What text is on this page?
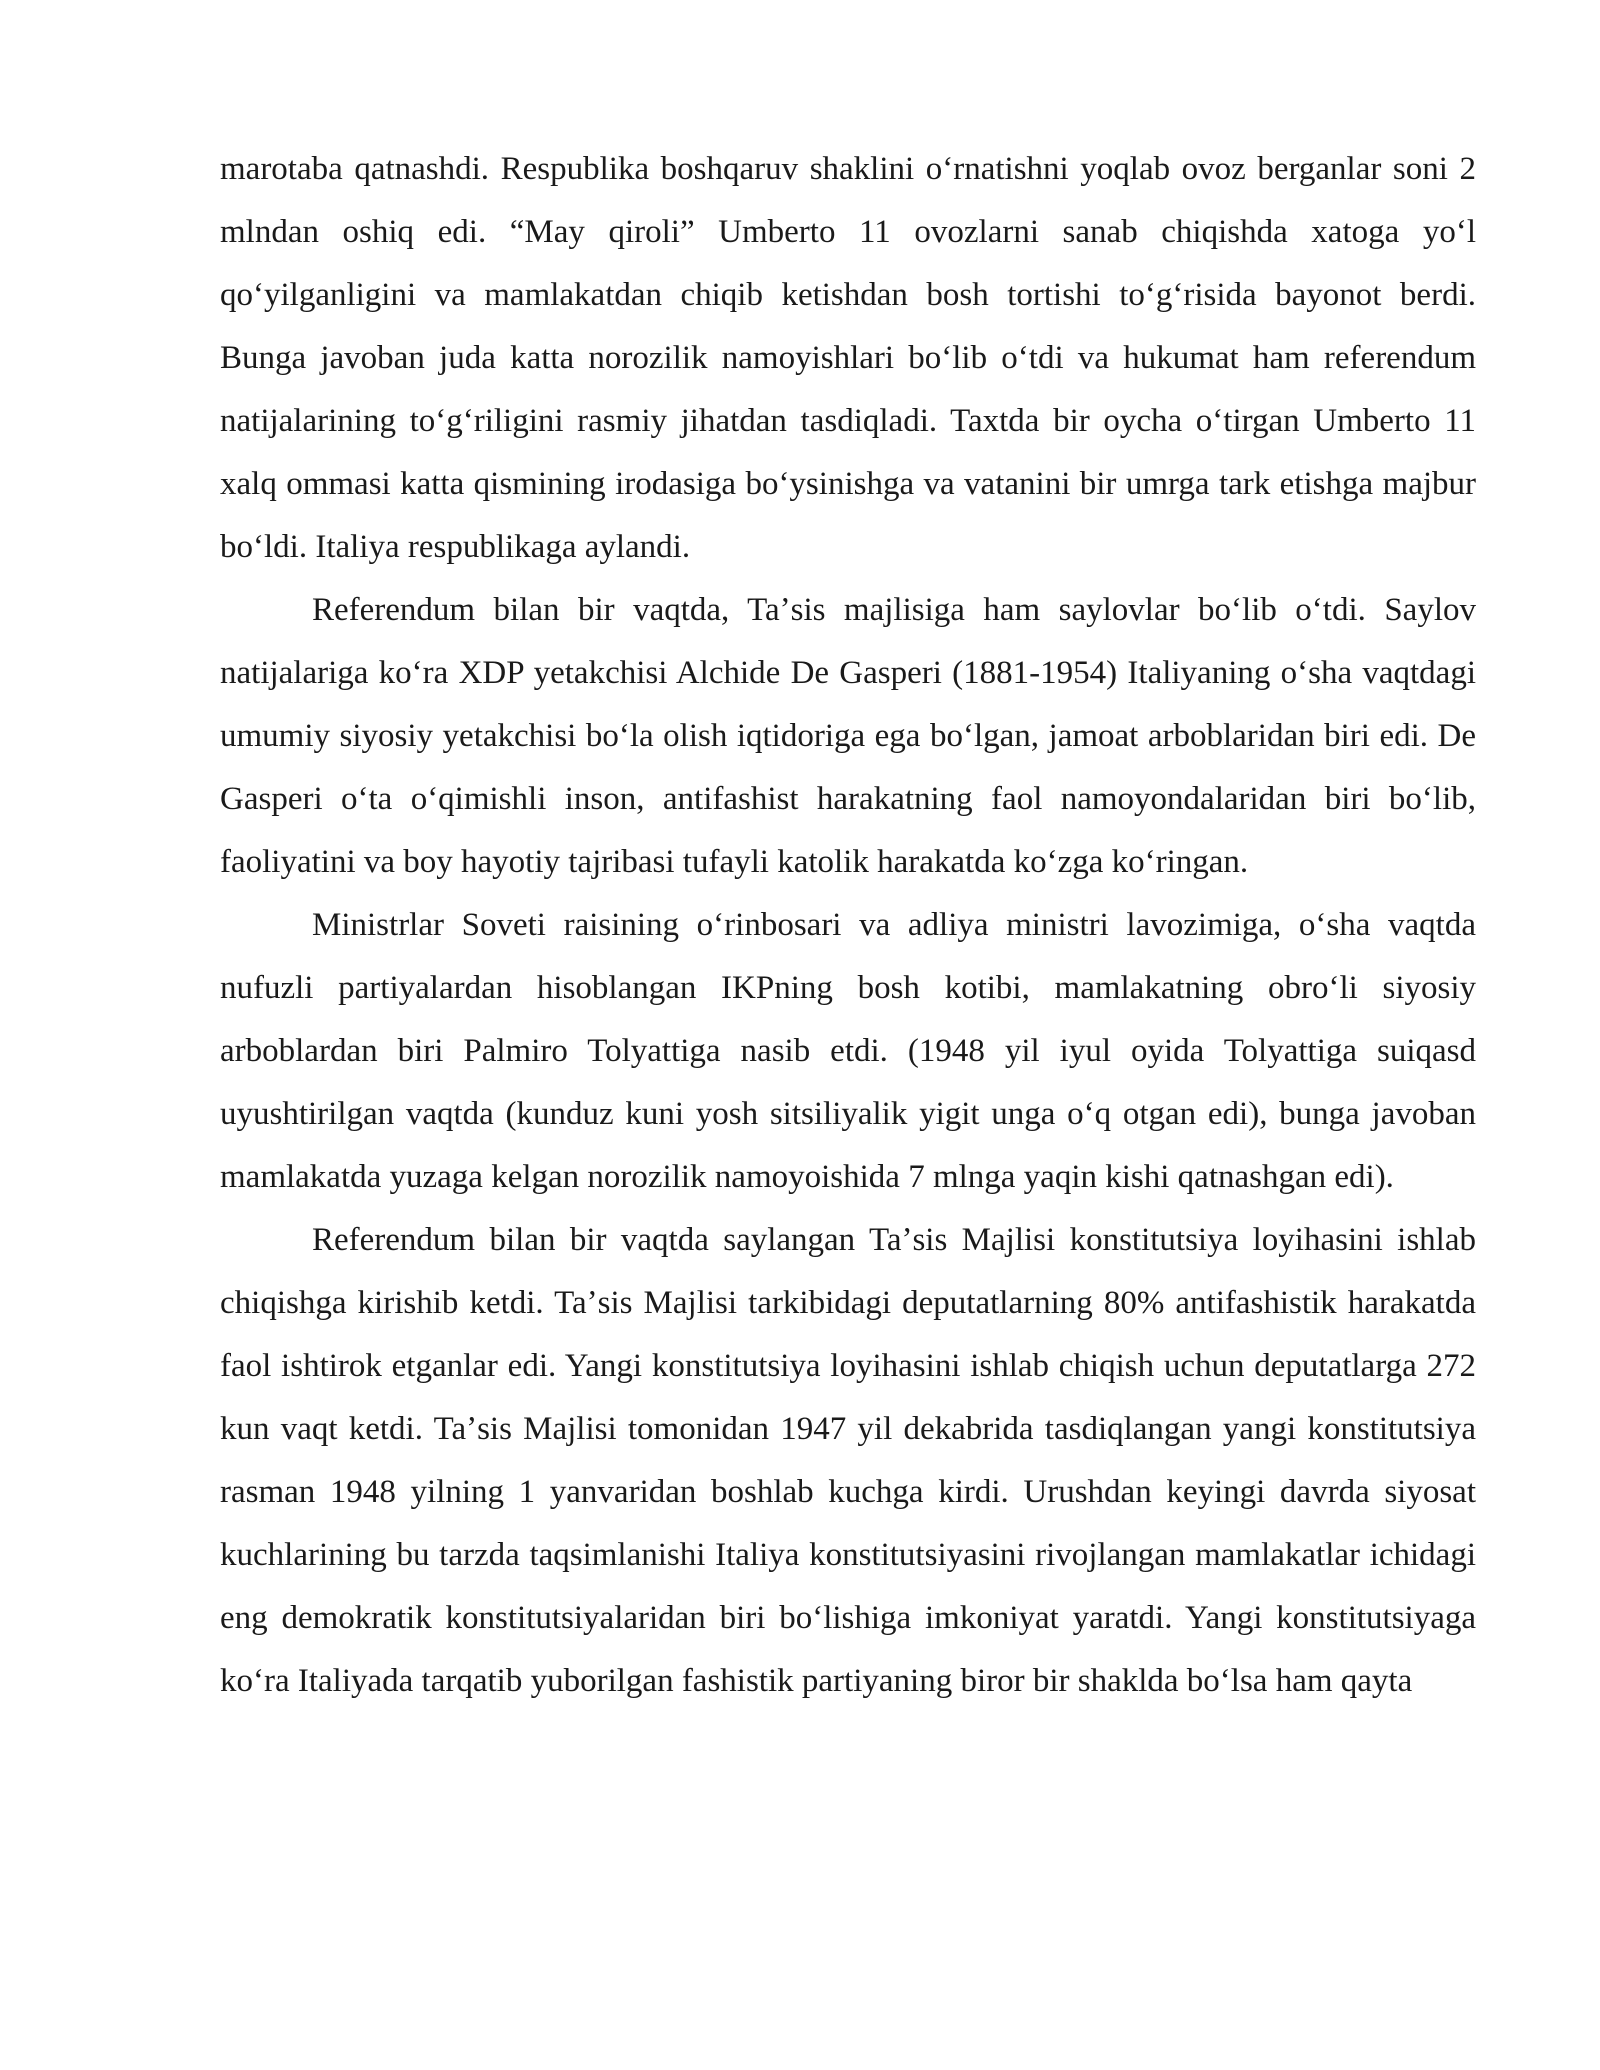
marotaba qatnashdi. Respublika boshqaruv shaklini oʻrnatishni yoqlab ovoz berganlar soni 2 mlndan oshiq edi. “May qiroli” Umberto 11 ovozlarni sanab chiqishda xatoga yoʻl qoʻyilganligini va mamlakatdan chiqib ketishdan bosh tortishi toʻgʻrisida bayonot berdi. Bunga javoban juda katta norozilik namoyishlari boʻlib oʻtdi va hukumat ham referendum natijalarining toʻgʻriligini rasmiy jihatdan tasdiqladi. Taxtda bir oycha oʻtirgan Umberto 11 xalq ommasi katta qismining irodasiga boʻysinishga va vatanini bir umrga tark etishga majbur boʻldi. Italiya respublikaga aylandi.

Referendum bilan bir vaqtda, Taʼsis majlisiga ham saylovlar boʻlib oʻtdi. Saylov natijalariga koʻra XDP yetakchisi Alchide De Gasperi (1881-1954) Italiyaning oʻsha vaqtdagi umumiy siyosiy yetakchisi boʻla olish iqtidoriga ega boʻlgan, jamoat arboblaridan biri edi. De Gasperi oʻta oʻqimishli inson, antifashist harakatning faol namoyondalaridan biri boʻlib, faoliyatini va boy hayotiy tajribasi tufayli katolik harakatda koʻzga koʻringan.

Ministrlar Soveti raisining oʻrinbosari va adliya ministri lavozimiga, oʻsha vaqtda nufuzli partiyalardan hisoblangan IKPning bosh kotibi, mamlakatning obroʻli siyosiy arboblardan biri Palmiro Tolyattiga nasib etdi. (1948 yil iyul oyida Tolyattiga suiqasd uyushtirilgan vaqtda (kunduz kuni yosh sitsiliyalik yigit unga oʻq otgan edi), bunga javoban mamlakatda yuzaga kelgan norozilik namoyoishida 7 mlnga yaqin kishi qatnashgan edi).

Referendum bilan bir vaqtda saylangan Taʼsis Majlisi konstitutsiya loyihasini ishlab chiqishga kirishib ketdi. Taʼsis Majlisi tarkibidagi deputatlarning 80% antifashistik harakatda faol ishtirok etganlar edi. Yangi konstitutsiya loyihasini ishlab chiqish uchun deputatlarga 272 kun vaqt ketdi. Taʼsis Majlisi tomonidan 1947 yil dekabrida tasdiqlangan yangi konstitutsiya rasman 1948 yilning 1 yanvaridan boshlab kuchga kirdi. Urushdan keyingi davrda siyosat kuchlarining bu tarzda taqsimlanishi Italiya konstitutsiyasini rivojlangan mamlakatlar ichidagi eng demokratik konstitutsiyalaridan biri boʻlishiga imkoniyat yaratdi. Yangi konstitutsiyaga koʻra Italiyada tarqatib yuborilgan fashistik partiyaning biror bir shaklda boʻlsa ham qayta
